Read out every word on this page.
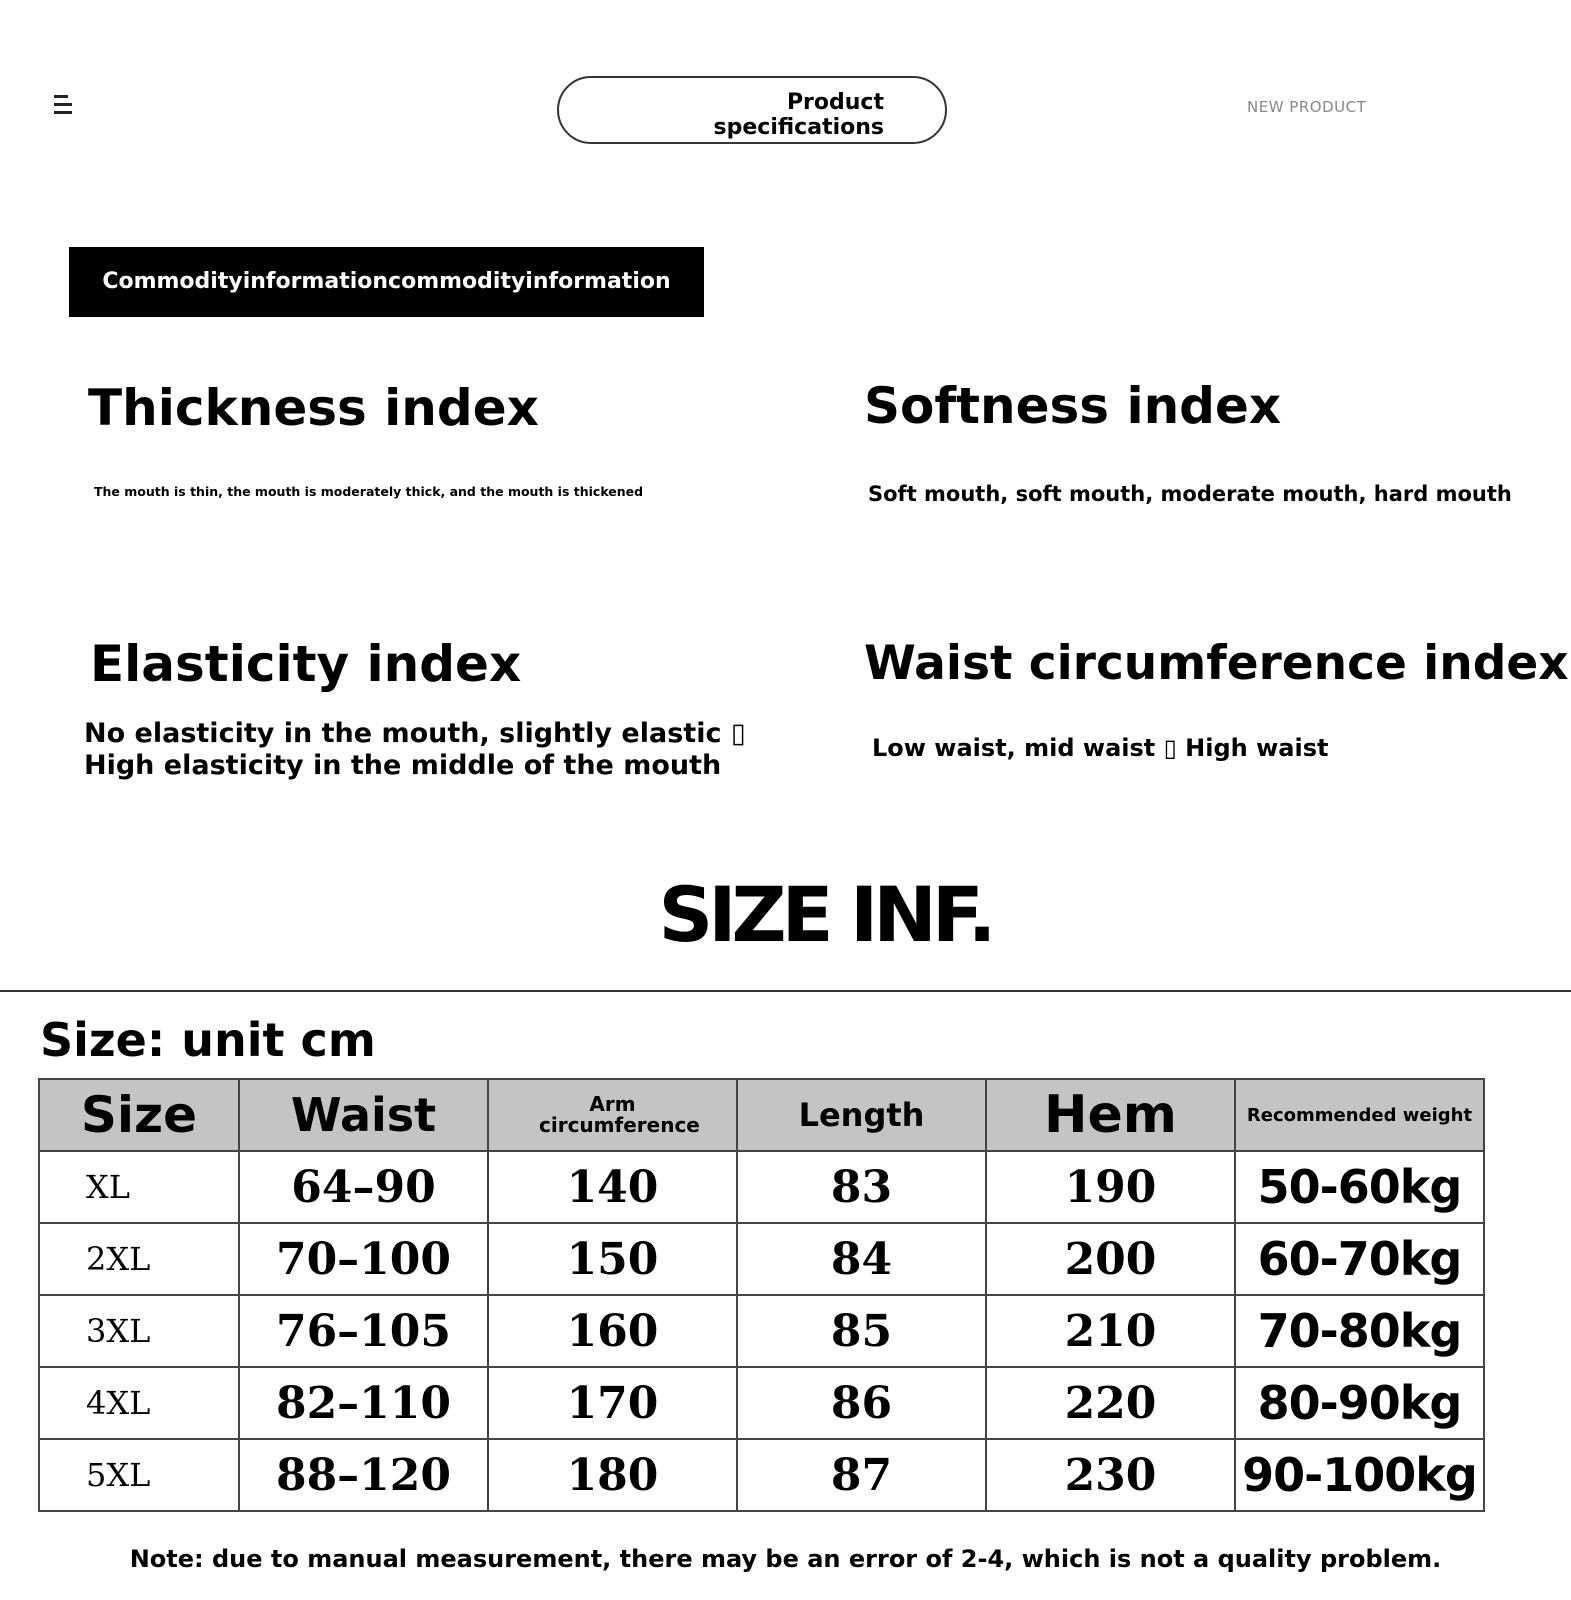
Product specifications
NEW PRODUCT
Commodityinformationcommodityinformation
Thickness index
The mouth is thin, the mouth is moderately thick, and the mouth is thickened
Softness index
Soft mouth, soft mouth, moderate mouth, hard mouth
Elasticity index
No elasticity in the mouth, slightly elastic ▯
High elasticity in the middle of the mouth
Waist circumference index
Low waist, mid waist ▯ High waist
SIZE INF.
Size: unit cm
Size	Waist	Arm circumference	Length	Hem	Recommended weight
XL	64–90	140	83	190	50-60kg
2XL	70–100	150	84	200	60-70kg
3XL	76–105	160	85	210	70-80kg
4XL	82–110	170	86	220	80-90kg
5XL	88–120	180	87	230	90-100kg
Note: due to manual measurement, there may be an error of 2-4, which is not a quality problem.
